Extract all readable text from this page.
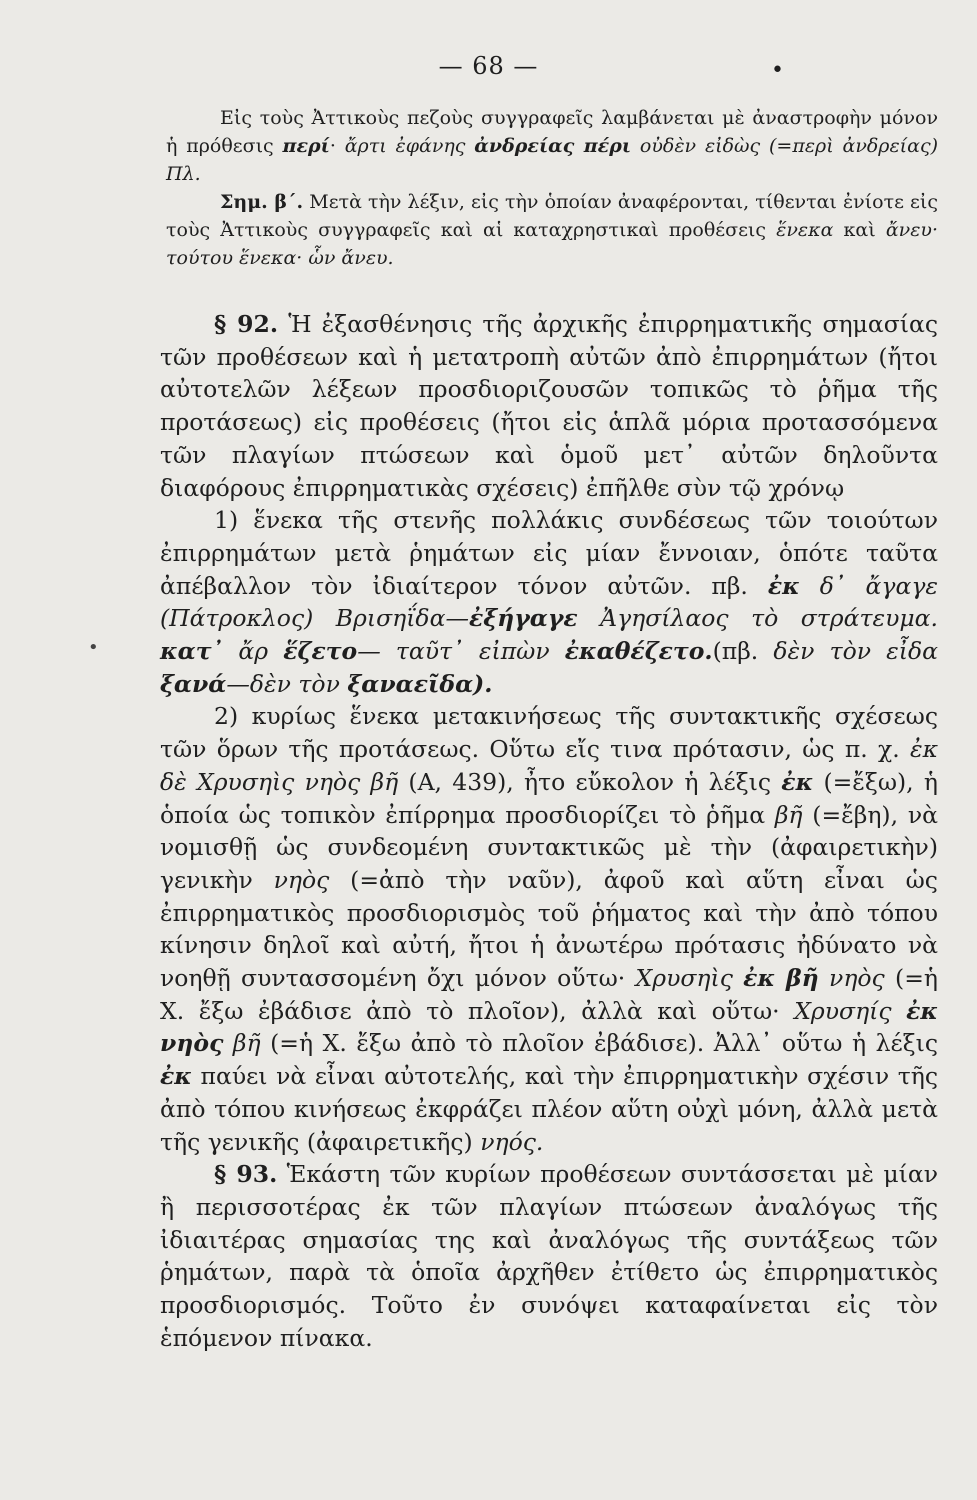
— 68 —	•

Εἰς τοὺς Ἀττικοὺς πεζοὺς συγγραφεῖς λαμβάνεται μὲ ἀναστροφὴν μόνον ἡ πρόθεσις περί· ἄρτι ἐφάνης ἀνδρείας πέρι οὐδὲν εἰδὼς (=περὶ ἀνδρείας) Πλ.

Σημ. β΄. Μετὰ τὴν λέξιν, εἰς τὴν ὁποίαν ἀναφέρονται, τίθενται ἐνίοτε εἰς τοὺς Ἀττικοὺς συγγραφεῖς καὶ αἱ καταχρηστικαὶ προθέσεις ἕνεκα καὶ ἄνευ· τούτου ἕνεκα· ὧν ἄνευ.

§ 92. Ἡ ἐξασθένησις τῆς ἀρχικῆς ἐπιρρηματικῆς σημασίας τῶν προθέσεων καὶ ἡ μετατροπὴ αὐτῶν ἀπὸ ἐπιρρημάτων (ἤτοι αὐτοτελῶν λέξεων προσδιοριζουσῶν τοπικῶς τὸ ῥῆμα τῆς προτάσεως) εἰς προθέσεις (ἤτοι εἰς ἁπλᾶ μόρια προτασσόμενα τῶν πλαγίων πτώσεων καὶ ὁμοῦ μετ᾽ αὐτῶν δηλοῦντα διαφόρους ἐπιρρηματικὰς σχέσεις) ἐπῆλθε σὺν τῷ χρόνῳ

1) ἕνεκα τῆς στενῆς πολλάκις συνδέσεως τῶν τοιούτων ἐπιρρημάτων μετὰ ῥημάτων εἰς μίαν ἔννοιαν, ὁπότε ταῦτα ἀπέβαλλον τὸν ἰδιαίτερον τόνον αὐτῶν. πβ. ἐκ δ᾽ ἄγαγε (Πάτροκλος) Βρισηΐδα—ἐξήγαγε Ἀγησίλαος τὸ στράτευμα. κατ᾽ ἄρ ἕζετο— ταῦτ᾽ εἰπὼν ἐκαθέζετο.(πβ. δὲν τὸν εἶδα ξανά—δὲν τὸν ξαναεῖδα).

2) κυρίως ἕνεκα μετακινήσεως τῆς συντακτικῆς σχέσεως τῶν ὅρων τῆς προτάσεως. Οὕτω εἴς τινα πρότασιν, ὡς π. χ. ἐκ δὲ Χρυσηὶς νηὸς βῆ (Α, 439), ἦτο εὔκολον ἡ λέξις ἐκ (=ἔξω), ἡ ὁποία ὡς τοπικὸν ἐπίρρημα προσδιορίζει τὸ ῥῆμα βῆ (=ἔβη), νὰ νομισθῇ ὡς συνδεομένη συντακτικῶς μὲ τὴν (ἀφαιρετικὴν) γενικὴν νηὸς (=ἀπὸ τὴν ναῦν), ἀφοῦ καὶ αὕτη εἶναι ὡς ἐπιρρηματικὸς προσδιορισμὸς τοῦ ῥήματος καὶ τὴν ἀπὸ τόπου κίνησιν δηλοῖ καὶ αὐτή, ἤτοι ἡ ἀνωτέρω πρότασις ἠδύνατο νὰ νοηθῇ συντασσομένη ὄχι μόνον οὕτω· Χρυσηὶς ἐκ βῆ νηὸς (=ἡ Χ. ἔξω ἐβάδισε ἀπὸ τὸ πλοῖον), ἀλλὰ καὶ οὕτω· Χρυσηίς ἐκ νηὸς βῆ (=ἡ Χ. ἔξω ἀπὸ τὸ πλοῖον ἐβάδισε). Ἀλλ᾽ οὕτω ἡ λέξις ἐκ παύει νὰ εἶναι αὐτοτελής, καὶ τὴν ἐπιρρηματικὴν σχέσιν τῆς ἀπὸ τόπου κινήσεως ἐκφράζει πλέον αὕτη οὐχὶ μόνη, ἀλλὰ μετὰ τῆς γενικῆς (ἀφαιρετικῆς) νηός.

§ 93. Ἑκάστη τῶν κυρίων προθέσεων συντάσσεται μὲ μίαν ἢ περισσοτέρας ἐκ τῶν πλαγίων πτώσεων ἀναλόγως τῆς ἰδιαιτέρας σημασίας της καὶ ἀναλόγως τῆς συντάξεως τῶν ῥημάτων, παρὰ τὰ ὁποῖα ἀρχῆθεν ἐτίθετο ὡς ἐπιρρηματικὸς προσδιορισμός. Τοῦτο ἐν συνόψει καταφαίνεται εἰς τὸν ἑπόμενον πίνακα.

•
